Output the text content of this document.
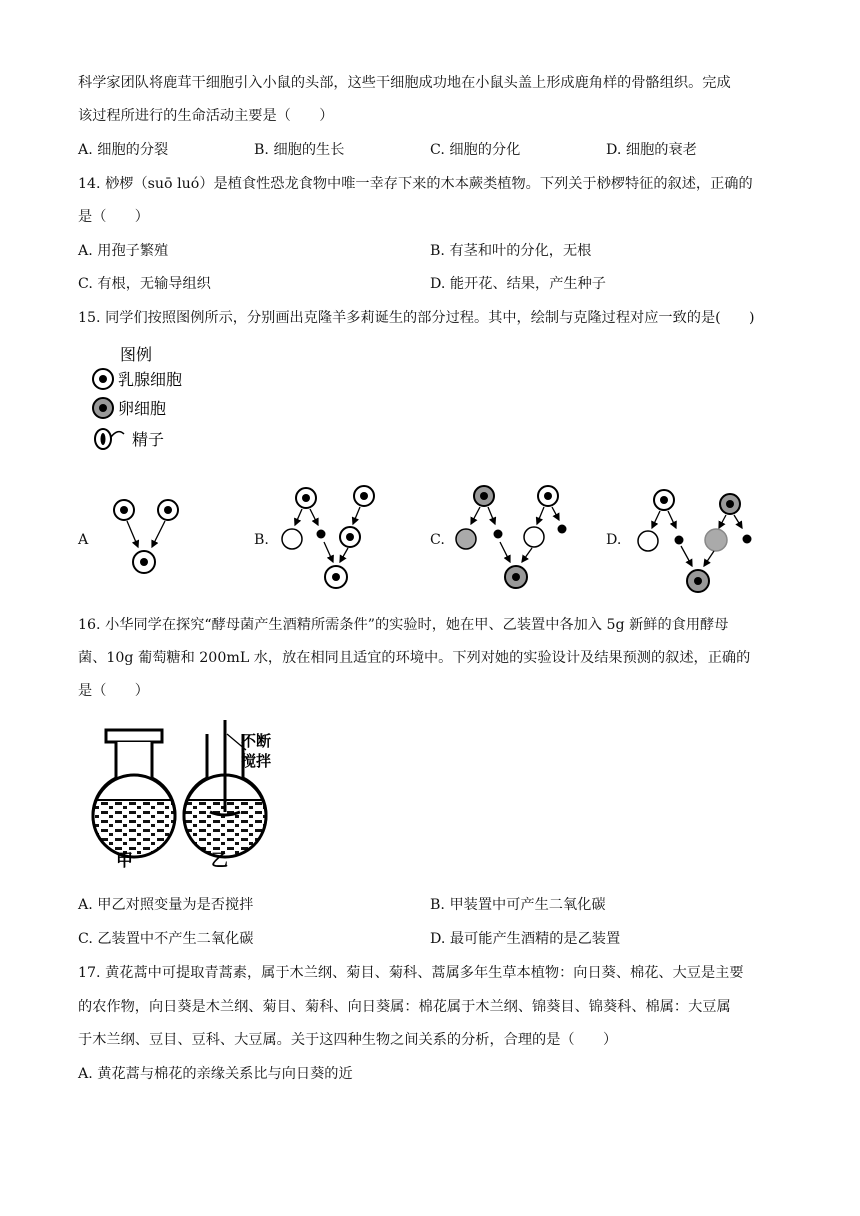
科学家团队将鹿茸干细胞引入小鼠的头部，这些干细胞成功地在小鼠头盖上形成鹿角样的骨骼组织。完成
该过程所进行的生命活动主要是（　　）
A. 细胞的分裂	B. 细胞的生长	C. 细胞的分化	D. 细胞的衰老
14. 桫椤（suō luó）是植食性恐龙食物中唯一幸存下来的木本蕨类植物。下列关于桫椤特征的叙述，正确的
是（　　）
A. 用孢子繁殖	B. 有茎和叶的分化，无根
C. 有根，无输导组织	D. 能开花、结果，产生种子
15. 同学们按照图例所示，分别画出克隆羊多莉诞生的部分过程。其中，绘制与克隆过程对应一致的是(　　)
图例
乳腺细胞
卵细胞
精子
A	B.	C.	D.
16. 小华同学在探究“酵母菌产生酒精所需条件”的实验时，她在甲、乙装置中各加入 5g 新鲜的食用酵母
菌、10g 葡萄糖和 200mL 水，放在相同且适宜的环境中。下列对她的实验设计及结果预测的叙述，正确的
是（　　）
甲
不断
搅拌
乙
A. 甲乙对照变量为是否搅拌	B. 甲装置中可产生二氧化碳
C. 乙装置中不产生二氧化碳	D. 最可能产生酒精的是乙装置
17. 黄花蒿中可提取青蒿素，属于木兰纲、菊目、菊科、蒿属多年生草本植物：向日葵、棉花、大豆是主要
的农作物，向日葵是木兰纲、菊目、菊科、向日葵属：棉花属于木兰纲、锦葵目、锦葵科、棉属：大豆属
于木兰纲、豆目、豆科、大豆属。关于这四种生物之间关系的分析，合理的是（　　）
A. 黄花蒿与棉花的亲缘关系比与向日葵的近
